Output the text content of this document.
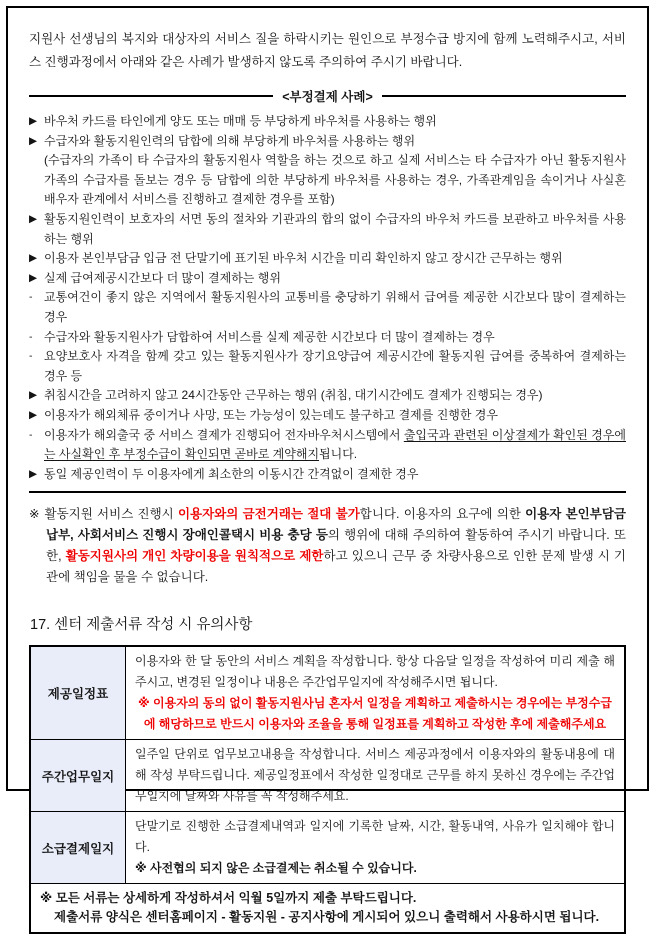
지원사 선생님의 복지와 대상자의 서비스 질을 하락시키는 원인으로 부정수급 방지에 함께 노력해주시고, 서비스 진행과정에서 아래와 같은 사례가 발생하지 않도록 주의하여 주시기 바랍니다.

<부정결제 사례>
▶ 바우처 카드를 타인에게 양도 또는 매매 등 부당하게 바우처를 사용하는 행위
▶ 수급자와 활동지원인력의 담합에 의해 부당하게 바우처를 사용하는 행위
(수급자의 가족이 타 수급자의 활동지원사 역할을 하는 것으로 하고 실제 서비스는 타 수급자가 아닌 활동지원사 가족의 수급자를 돌보는 경우 등 담합에 의한 부당하게 바우처를 사용하는 경우, 가족관계임을 속이거나 사실혼 배우자 관계에서 서비스를 진행하고 결제한 경우를 포함)
▶ 활동지원인력이 보호자의 서면 동의 절차와 기관과의 합의 없이 수급자의 바우처 카드를 보관하고 바우처를 사용하는 행위
▶ 이용자 본인부담금 입금 전 단말기에 표기된 바우처 시간을 미리 확인하지 않고 장시간 근무하는 행위
▶ 실제 급여제공시간보다 더 많이 결제하는 행위
- 교통여건이 좋지 않은 지역에서 활동지원사의 교통비를 충당하기 위해서 급여를 제공한 시간보다 많이 결제하는 경우
- 수급자와 활동지원사가 담합하여 서비스를 실제 제공한 시간보다 더 많이 결제하는 경우
- 요양보호사 자격을 함께 갖고 있는 활동지원사가 장기요양급여 제공시간에 활동지원 급여를 중복하여 결제하는 경우 등
▶ 취침시간을 고려하지 않고 24시간동안 근무하는 행위 (취침, 대기시간에도 결제가 진행되는 경우)
▶ 이용자가 해외체류 중이거나 사망, 또는 가능성이 있는데도 불구하고 결제를 진행한 경우
- 이용자가 해외출국 중 서비스 결제가 진행되어 전자바우처시스템에서 출입국과 관련된 이상결제가 확인된 경우에는 사실확인 후 부정수급이 확인되면 곧바로 계약해지됩니다.
▶ 동일 제공인력이 두 이용자에게 최소한의 이동시간 간격없이 결제한 경우

※ 활동지원 서비스 진행시 이용자와의 금전거래는 절대 불가합니다. 이용자의 요구에 의한 이용자 본인부담금 납부, 사회서비스 진행시 장애인콜택시 비용 충당 등의 행위에 대해 주의하여 활동하여 주시기 바랍니다. 또한, 활동지원사의 개인 차량이용을 원칙적으로 제한하고 있으니 근무 중 차량사용으로 인한 문제 발생 시 기관에 책임을 물을 수 없습니다.

17. 센터 제출서류 작성 시 유의사항
제공일정표	이용자와 한 달 동안의 서비스 계획을 작성합니다. 항상 다음달 일정을 작성하여 미리 제출 해주시고, 변경된 일정이나 내용은 주간업무일지에 작성해주시면 됩니다.

※ 이용자의 동의 없이 활동지원사님 혼자서 일정을 계획하고 제출하시는 경우에는 부정수급에 해당하므로 반드시 이용자와 조율을 통해 일정표를 계획하고 작성한 후에 제출해주세요

주간업무일지	일주일 단위로 업무보고내용을 작성합니다. 서비스 제공과정에서 이용자와의 활동내용에 대해 작성 부탁드립니다. 제공일정표에서 작성한 일정대로 근무를 하지 못하신 경우에는 주간업무일지에 날짜와 사유를 꼭 작성해주세요.

소급결제일지	단말기로 진행한 소급결제내역과 일지에 기록한 날짜, 시간, 활동내역, 사유가 일치해야 합니다.

※ 사전협의 되지 않은 소급결제는 취소될 수 있습니다.

※ 모든 서류는 상세하게 작성하셔서 익월 5일까지 제출 부탁드립니다.

제출서류 양식은 센터홈페이지 - 활동지원 - 공지사항에 게시되어 있으니 출력해서 사용하시면 됩니다.	
